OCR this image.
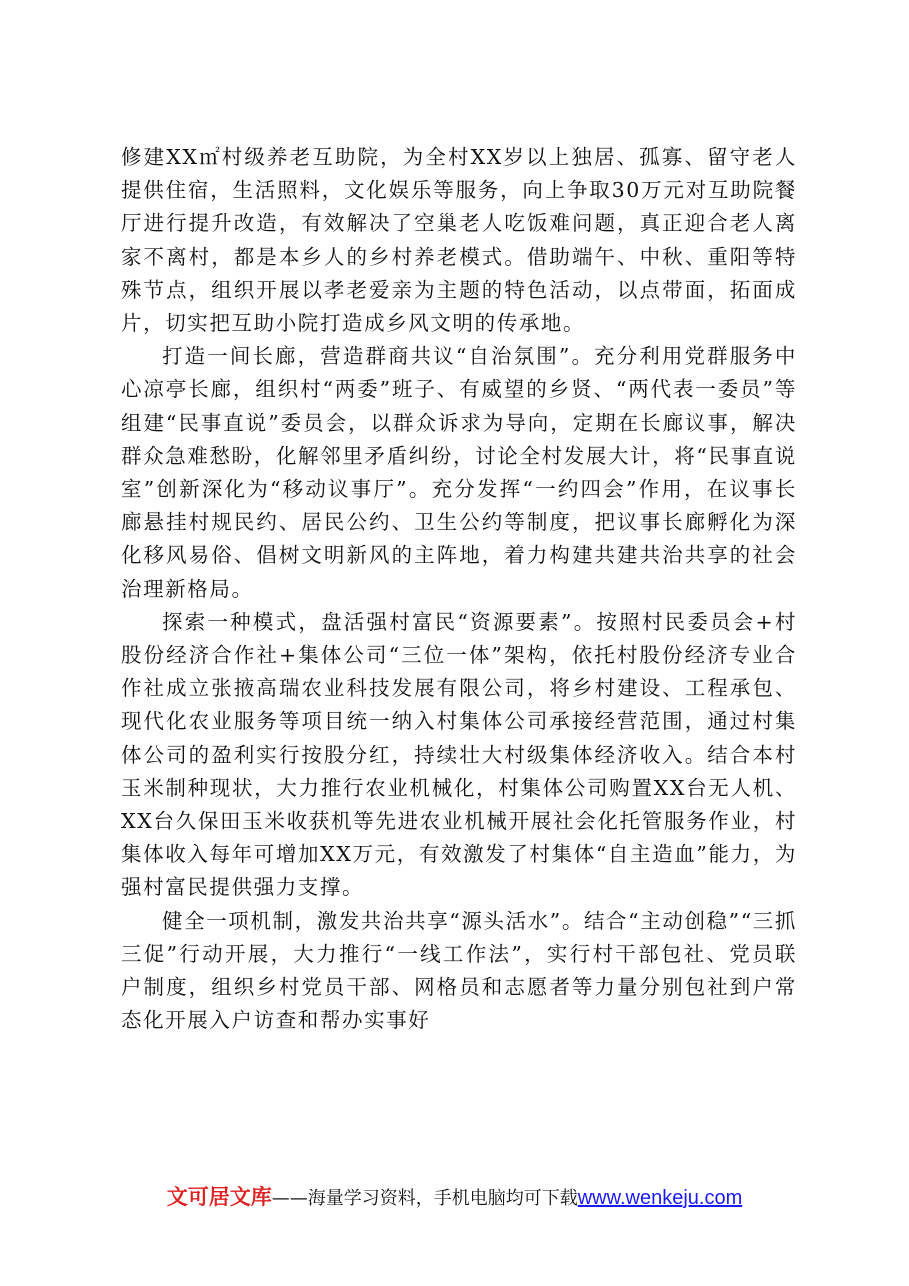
修建XX㎡村级养老互助院，为全村XX岁以上独居、孤寡、留守老人提供住宿，生活照料，文化娱乐等服务，向上争取30万元对互助院餐厅进行提升改造，有效解决了空巢老人吃饭难问题，真正迎合老人离家不离村，都是本乡人的乡村养老模式。借助端午、中秋、重阳等特殊节点，组织开展以孝老爱亲为主题的特色活动，以点带面，拓面成片，切实把互助小院打造成乡风文明的传承地。

打造一间长廊，营造群商共议“自治氛围”。充分利用党群服务中心凉亭长廊，组织村“两委”班子、有威望的乡贤、“两代表一委员”等组建“民事直说”委员会，以群众诉求为导向，定期在长廊议事，解决群众急难愁盼，化解邻里矛盾纠纷，讨论全村发展大计，将“民事直说室”创新深化为“移动议事厅”。充分发挥“一约四会”作用，在议事长廊悬挂村规民约、居民公约、卫生公约等制度，把议事长廊孵化为深化移风易俗、倡树文明新风的主阵地，着力构建共建共治共享的社会治理新格局。

探索一种模式，盘活强村富民“资源要素”。按照村民委员会+村股份经济合作社+集体公司“三位一体”架构，依托村股份经济专业合作社成立张掖高瑞农业科技发展有限公司，将乡村建设、工程承包、现代化农业服务等项目统一纳入村集体公司承接经营范围，通过村集体公司的盈利实行按股分红，持续壮大村级集体经济收入。结合本村玉米制种现状，大力推行农业机械化，村集体公司购置XX台无人机、XX台久保田玉米收获机等先进农业机械开展社会化托管服务作业，村集体收入每年可增加XX万元，有效激发了村集体“自主造血”能力，为强村富民提供强力支撑。

健全一项机制，激发共治共享“源头活水”。结合“主动创稳”“三抓三促”行动开展，大力推行“一线工作法”，实行村干部包社、党员联户制度，组织乡村党员干部、网格员和志愿者等力量分别包社到户常态化开展入户访查和帮办实事好

文可居文库——海量学习资料，手机电脑均可下载www.wenkeju.com
